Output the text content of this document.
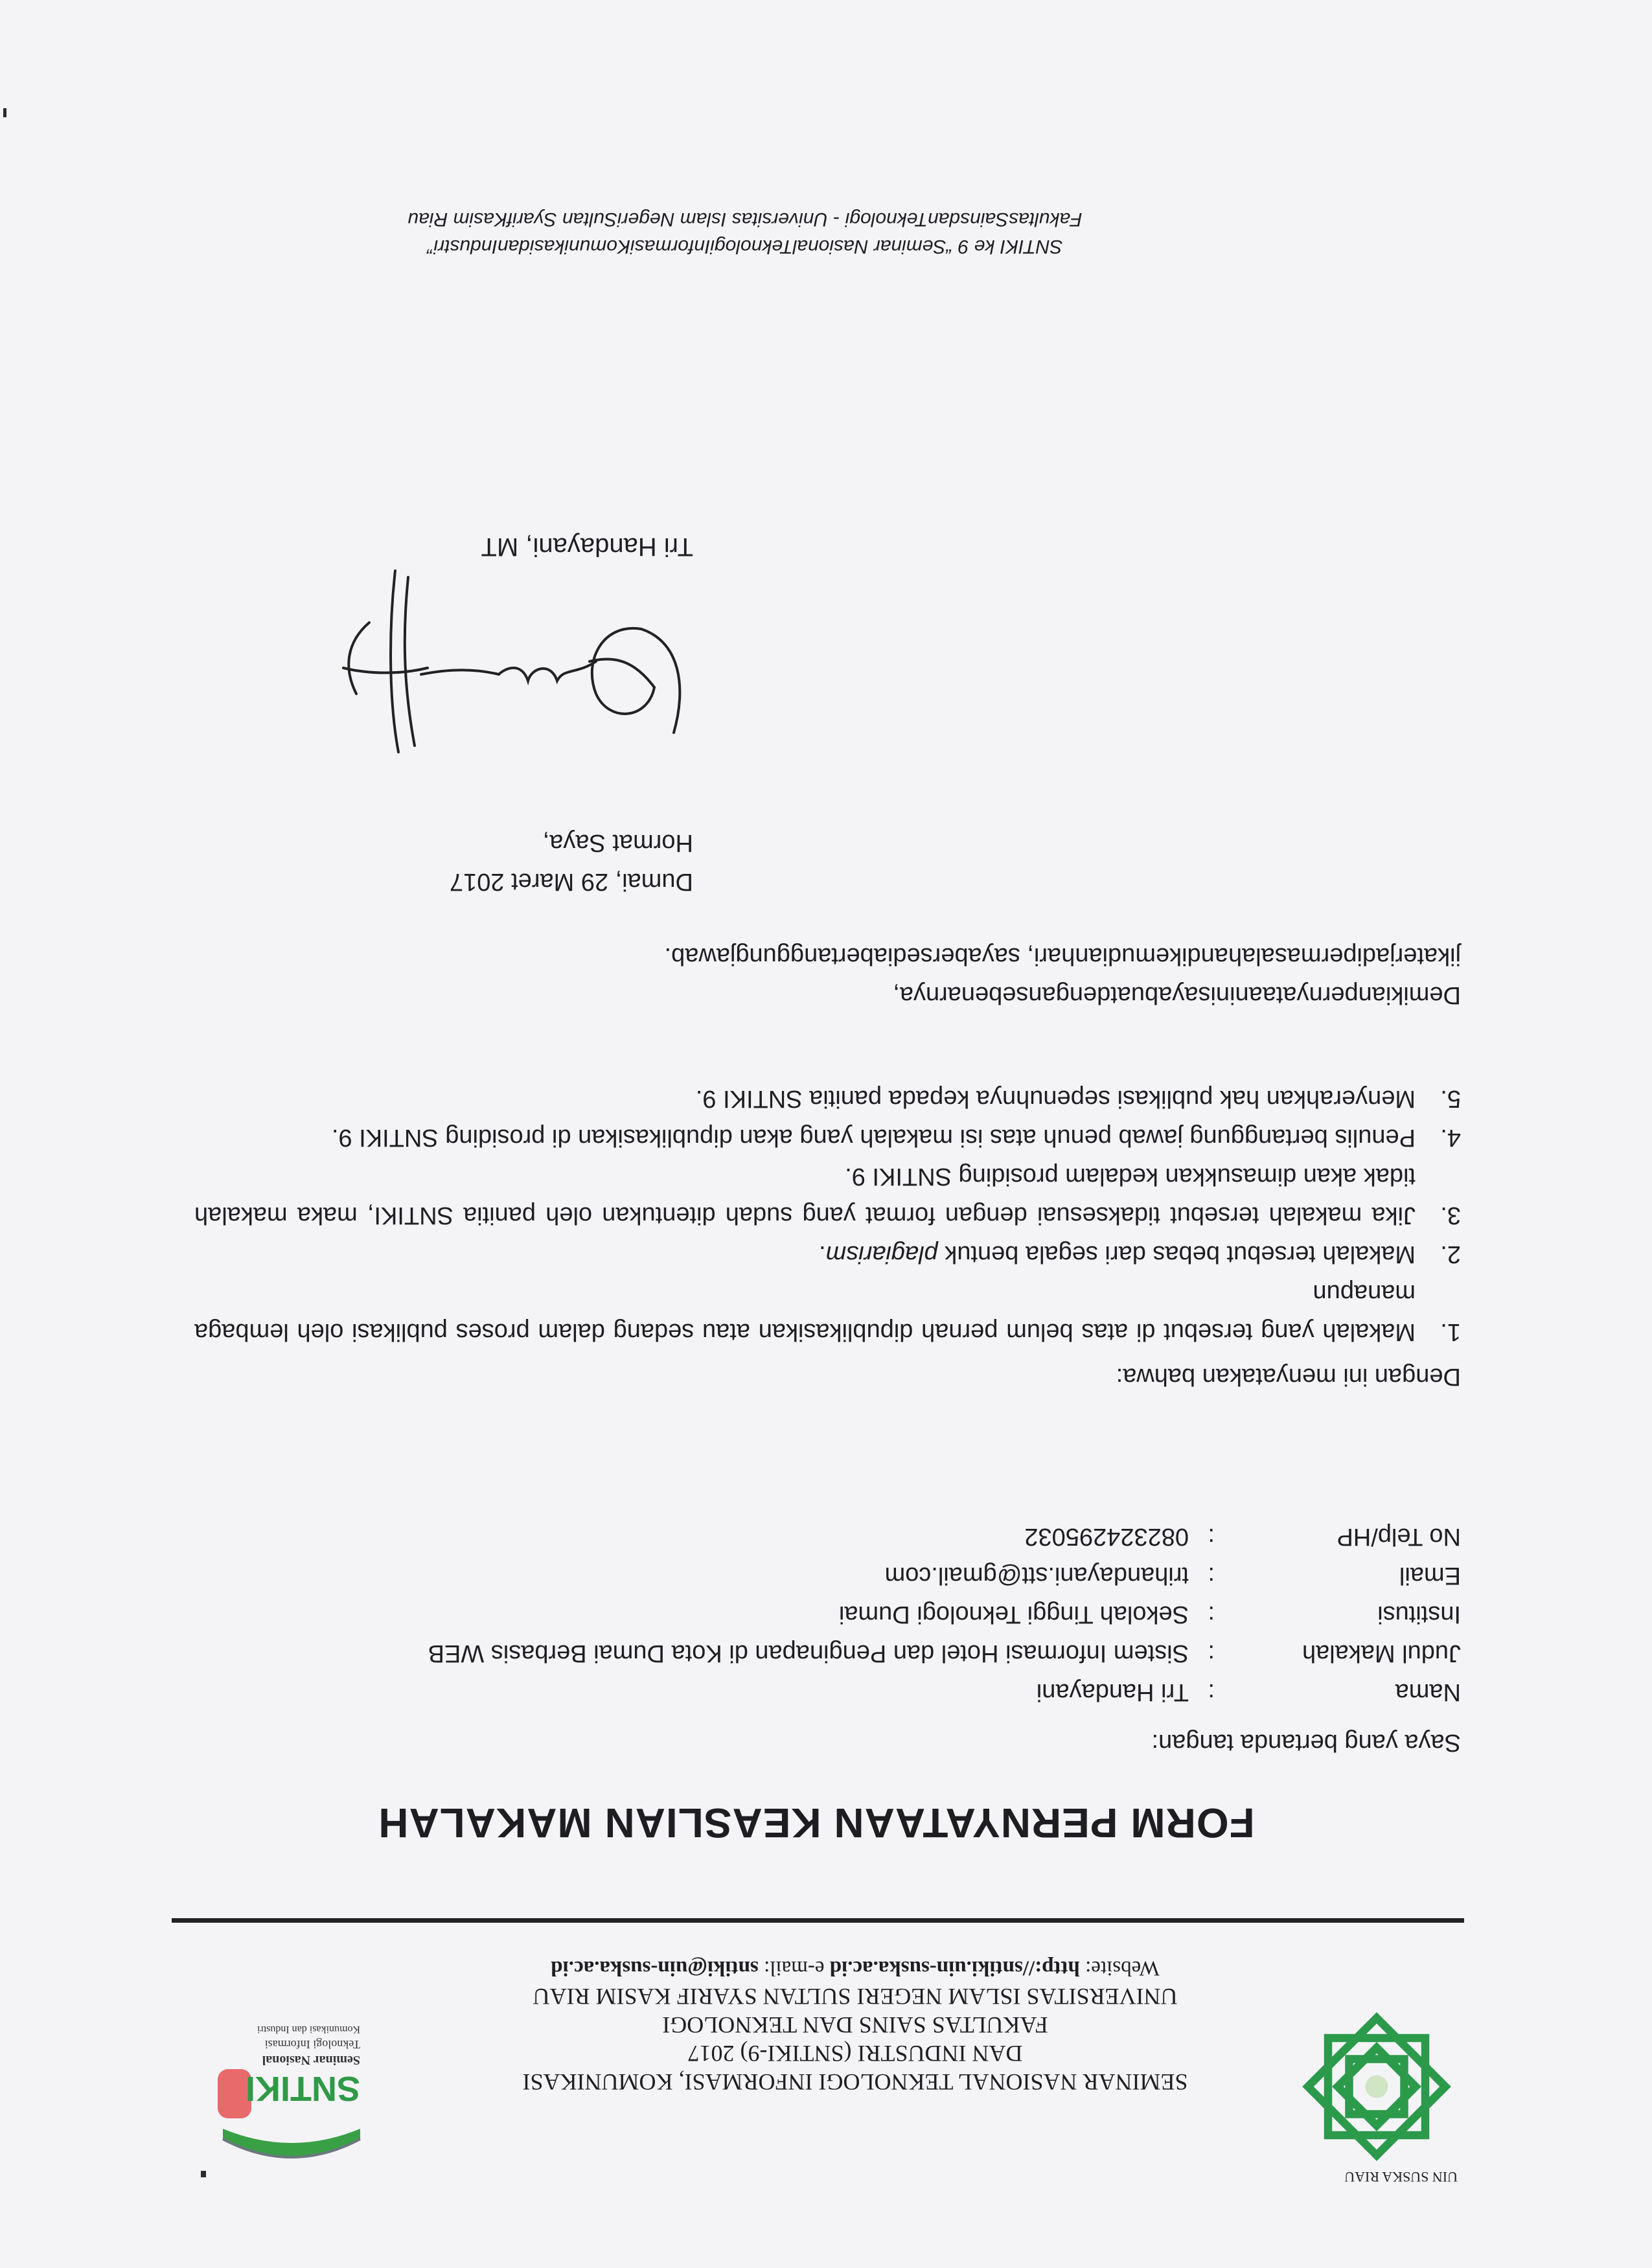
UIN SUSKA RIAU
SEMINAR NASIONAL TEKNOLOGI INFORMASI, KOMUNIKASI
DAN INDUSTRI (SNTIKI-9) 2017
FAKULTAS SAINS DAN TEKNOLOGI
UNIVERSITAS ISLAM NEGERI SULTAN SYARIF KASIM RIAU
Website: http://sntiki.uin-suska.ac.id e-mail: sntiki@uin-suska.ac.id
SNTIKI
Seminar Nasional
Teknologi Informasi
Komunikasi dan Industri
FORM PERNYATAAN KEASLIAN MAKALAH
Saya yang bertanda tangan:
Nama
:
Tri Handayani
Judul Makalah
:
Sistem Informasi Hotel dan Penginapan di Kota Dumai Berbasis WEB
Institusi
:
Sekolah Tinggi Teknologi Dumai
Email
:
trihandayani.stt@gmail.com
No Telp/HP
:
082324295032
Dengan ini menyatakan bahwa:
1.
Makalah yang tersebut di atas belum pernah dipublikasikan atau sedang dalam proses publikasi oleh lembaga manapun
2.
Makalah tersebut bebas dari segala bentuk plagiarism.
3.
Jika makalah tersebut tidaksesuai dengan format yang sudah ditentukan oleh panitia SNTIKI, maka makalah tidak akan dimasukkan kedalam prosiding SNTIKI 9.
4.
Penulis bertanggung jawab penuh atas isi makalah yang akan dipublikasikan di prosiding SNTIKI 9.
5.
Menyerahkan hak publikasi sepenuhnya kepada panitia SNTIKI 9.
Demikianpernyataaninisayabuatdengansebenarnya,
jikaterjadipermasalahandikemudianhari, sayabersediabertanggungjawab.
Dumai, 29 Maret 2017
Hormat Saya,
Tri Handayani, MT
SNTIKI ke 9 “Seminar NasionalTeknologiInformasiKomunikasidanIndustri”
FakultasSainsdanTeknologi - Universitas Islam NegeriSultan SyarifKasim Riau
